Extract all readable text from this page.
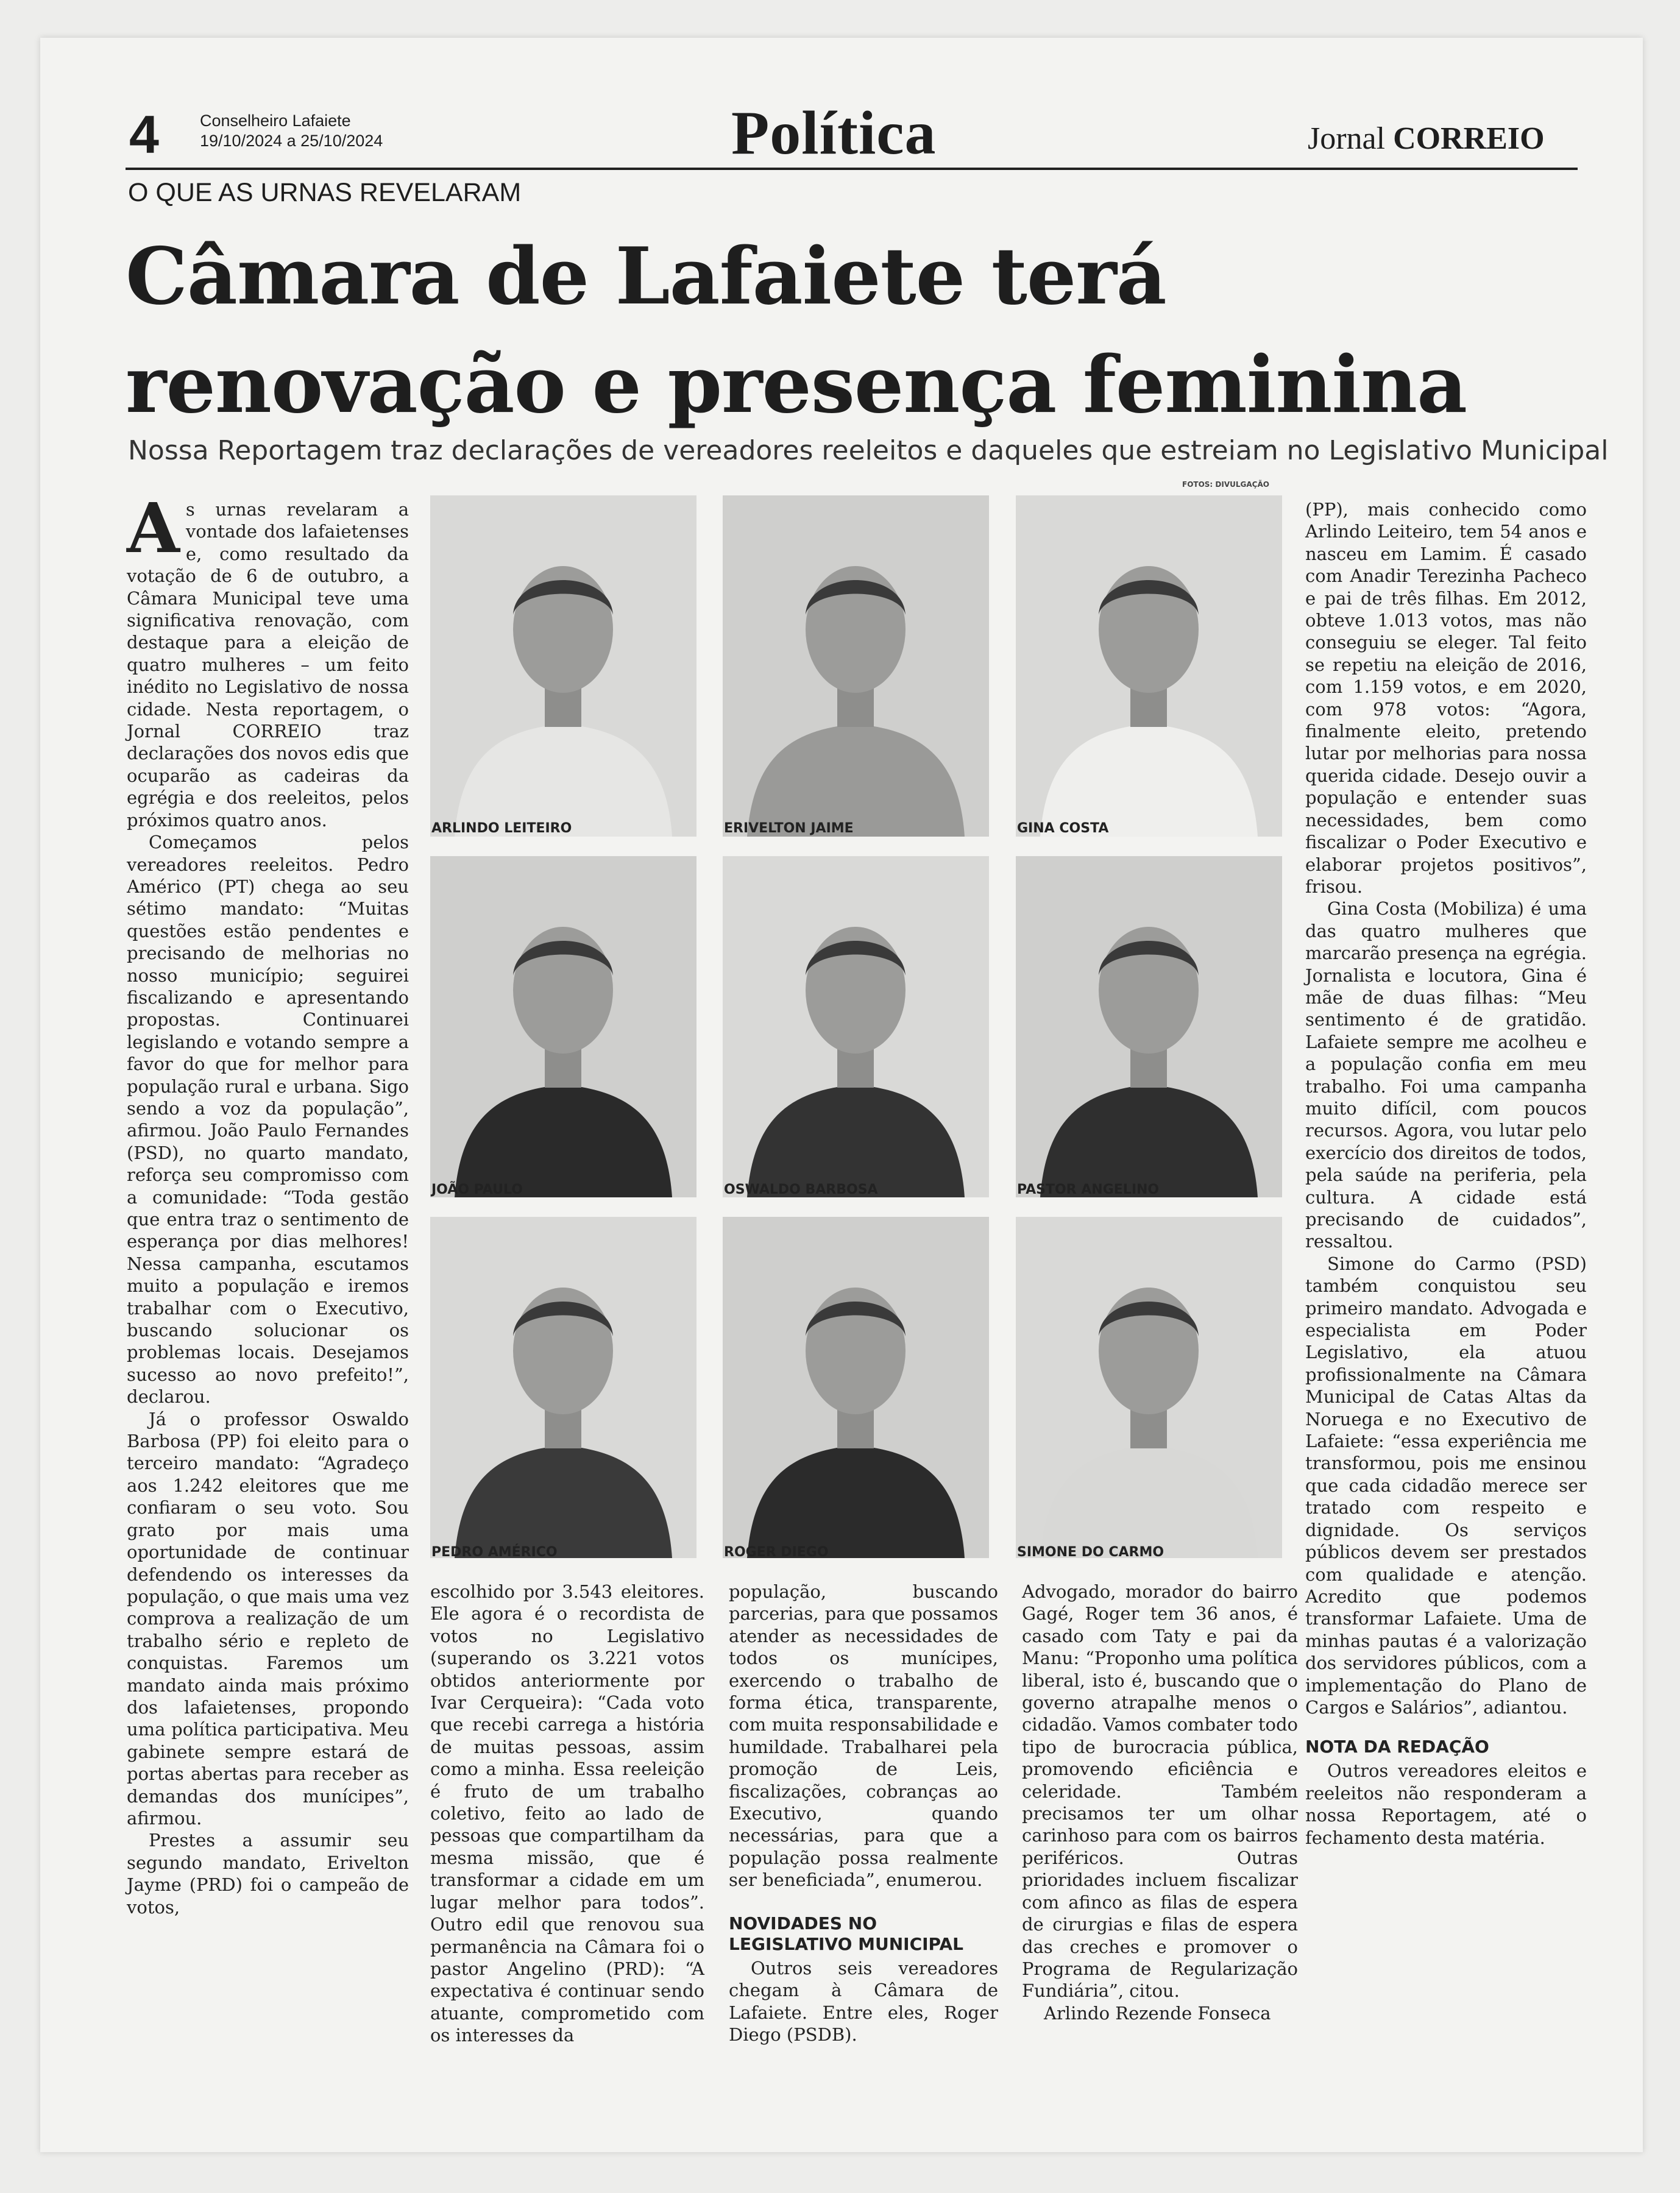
4 Conselheiro Lafaiete
19/10/2024 a 25/10/2024	Política	Jornal CORREIO
O QUE AS URNAS REVELARAM
Câmara de Lafaiete terá renovação e presença feminina
Nossa Reportagem traz declarações de vereadores reeleitos e daqueles que estreiam no Legislativo Municipal
FOTOS: DIVULGAÇÃO

As urnas revelaram a vontade dos lafaietenses e, como resultado da votação de 6 de outubro, a Câmara Municipal teve uma significativa renovação, com destaque para a eleição de quatro mulheres – um feito inédito no Legislativo de nossa cidade. Nesta reportagem, o Jornal CORREIO traz declarações dos novos edis que ocuparão as cadeiras da egrégia e dos reeleitos, pelos próximos quatro anos.

Começamos pelos vereadores reeleitos. Pedro Américo (PT) chega ao seu sétimo mandato: “Muitas questões estão pendentes e precisando de melhorias no nosso município; seguirei fiscalizando e apresentando propostas. Continuarei legislando e votando sempre a favor do que for melhor para população rural e urbana. Sigo sendo a voz da população”, afirmou. João Paulo Fernandes (PSD), no quarto mandato, reforça seu compromisso com a comunidade: “Toda gestão que entra traz o sentimento de esperança por dias melhores! Nessa campanha, escutamos muito a população e iremos trabalhar com o Executivo, buscando solucionar os problemas locais. Desejamos sucesso ao novo prefeito!”, declarou.

Já o professor Oswaldo Barbosa (PP) foi eleito para o terceiro mandato: “Agradeço aos 1.242 eleitores que me confiaram o seu voto. Sou grato por mais uma oportunidade de continuar defendendo os interesses da população, o que mais uma vez comprova a realização de um trabalho sério e repleto de conquistas. Faremos um mandato ainda mais próximo dos lafaietenses, propondo uma política participativa. Meu gabinete sempre estará de portas abertas para receber as demandas dos munícipes”, afirmou.

Prestes a assumir seu segundo mandato, Erivelton Jayme (PRD) foi o campeão de votos,

ARLINDO LEITEIRO	ERIVELTON JAIME	GINA COSTA
JOÃO PAULO	OSWALDO BARBOSA	PASTOR ANGELINO
PEDRO AMÉRICO	ROGER DIEGO	SIMONE DO CARMO

escolhido por 3.543 eleitores. Ele agora é o recordista de votos no Legislativo (superando os 3.221 votos obtidos anteriormente por Ivar Cerqueira): “Cada voto que recebi carrega a história de muitas pessoas, assim como a minha. Essa reeleição é fruto de um trabalho coletivo, feito ao lado de pessoas que compartilham da mesma missão, que é transformar a cidade em um lugar melhor para todos”. Outro edil que renovou sua permanência na Câmara foi o pastor Angelino (PRD): “A expectativa é continuar sendo atuante, comprometido com os interesses da

população, buscando parcerias, para que possamos atender as necessidades de todos os munícipes, exercendo o trabalho de forma ética, transparente, com muita responsabilidade e humildade. Trabalharei pela promoção de Leis, fiscalizações, cobranças ao Executivo, quando necessárias, para que a população possa realmente ser beneficiada”, enumerou.

NOVIDADES NO LEGISLATIVO MUNICIPAL

Outros seis vereadores chegam à Câmara de Lafaiete. Entre eles, Roger Diego (PSDB).

Advogado, morador do bairro Gagé, Roger tem 36 anos, é casado com Taty e pai da Manu: “Proponho uma política liberal, isto é, buscando que o governo atrapalhe menos o cidadão. Vamos combater todo tipo de burocracia pública, promovendo eficiência e celeridade. Também precisamos ter um olhar carinhoso para com os bairros periféricos. Outras prioridades incluem fiscalizar com afinco as filas de espera de cirurgias e filas de espera das creches e promover o Programa de Regularização Fundiária”, citou.

Arlindo Rezende Fonseca

(PP), mais conhecido como Arlindo Leiteiro, tem 54 anos e nasceu em Lamim. É casado com Anadir Terezinha Pacheco e pai de três filhas. Em 2012, obteve 1.013 votos, mas não conseguiu se eleger. Tal feito se repetiu na eleição de 2016, com 1.159 votos, e em 2020, com 978 votos: “Agora, finalmente eleito, pretendo lutar por melhorias para nossa querida cidade. Desejo ouvir a população e entender suas necessidades, bem como fiscalizar o Poder Executivo e elaborar projetos positivos”, frisou.

Gina Costa (Mobiliza) é uma das quatro mulheres que marcarão presença na egrégia. Jornalista e locutora, Gina é mãe de duas filhas: “Meu sentimento é de gratidão. Lafaiete sempre me acolheu e a população confia em meu trabalho. Foi uma campanha muito difícil, com poucos recursos. Agora, vou lutar pelo exercício dos direitos de todos, pela saúde na periferia, pela cultura. A cidade está precisando de cuidados”, ressaltou.

Simone do Carmo (PSD) também conquistou seu primeiro mandato. Advogada e especialista em Poder Legislativo, ela atuou profissionalmente na Câmara Municipal de Catas Altas da Noruega e no Executivo de Lafaiete: “essa experiência me transformou, pois me ensinou que cada cidadão merece ser tratado com respeito e dignidade. Os serviços públicos devem ser prestados com qualidade e atenção. Acredito que podemos transformar Lafaiete. Uma de minhas pautas é a valorização dos servidores públicos, com a implementação do Plano de Cargos e Salários”, adiantou.

NOTA DA REDAÇÃO

Outros vereadores eleitos e reeleitos não responderam a nossa Reportagem, até o fechamento desta matéria.
